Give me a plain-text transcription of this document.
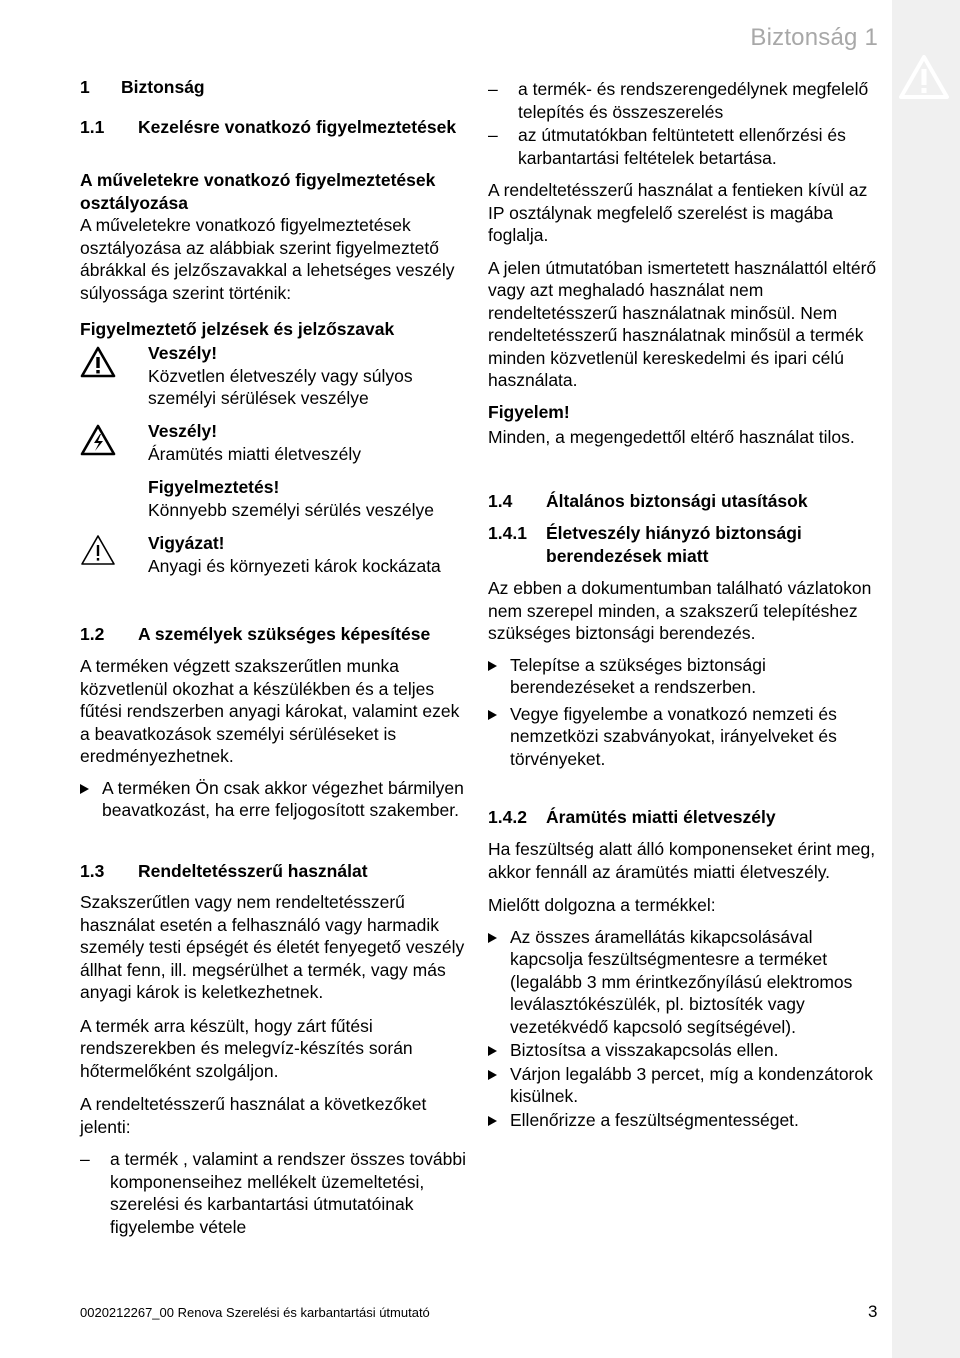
Biztonság 1

1	Biztonság

1.1	Kezelésre vonatkozó figyelmeztetések

A műveletekre vonatkozó figyelmeztetések osztályozása

A műveletekre vonatkozó figyelmeztetések osztályozása az alábbiak szerint figyelmeztető ábrákkal és jelzőszavakkal a lehetséges veszély súlyossága szerint történik:

Figyelmeztető jelzések és jelzőszavak

Veszély!

Közvetlen életveszély vagy súlyos személyi sérülések veszélye

Veszély!

Áramütés miatti életveszély

Figyelmeztetés!

Könnyebb személyi sérülés veszélye

Vigyázat!

Anyagi és környezeti károk kockázata

1.2	A személyek szükséges képesítése

A terméken végzett szakszerűtlen munka közvetlenül okozhat a készülékben és a teljes fűtési rendszerben anyagi károkat, valamint ezek a beavatkozások személyi sérüléseket is eredményezhetnek.

A terméken Ön csak akkor végezhet bármilyen beavatkozást, ha erre feljogosított szakember.

1.3	Rendeltetésszerű használat

Szakszerűtlen vagy nem rendeltetésszerű használat esetén a felhasználó vagy harmadik személy testi épségét és életét fenyegető veszély állhat fenn, ill. megsérülhet a termék, vagy más anyagi károk is keletkezhetnek.

A termék arra készült, hogy zárt fűtési rendszerekben és melegvíz-készítés során hőtermelőként szolgáljon.

A rendeltetésszerű használat a következőket jelenti:

– a termék , valamint a rendszer összes további komponenseihez mellékelt üzemeltetési, szerelési és karbantartási útmutatóinak figyelembe vétele
– a termék- és rendszerengedélynek megfelelő telepítés és összeszerelés
– az útmutatókban feltüntetett ellenőrzési és karbantartási feltételek betartása.

A rendeltetésszerű használat a fentieken kívül az IP osztálynak megfelelő szerelést is magába foglalja.

A jelen útmutatóban ismertetett használattól eltérő vagy azt meghaladó használat nem rendeltetésszerű használatnak minősül. Nem rendeltetésszerű használatnak minősül a termék minden közvetlenül kereskedelmi és ipari célú használata.

Figyelem!

Minden, a megengedettől eltérő használat tilos.

1.4	Általános biztonsági utasítások

1.4.1	Életveszély hiányzó biztonsági berendezések miatt

Az ebben a dokumentumban található vázlatokon nem szerepel minden, a szakszerű telepítéshez szükséges biztonsági berendezés.

Telepítse a szükséges biztonsági berendezéseket a rendszerben.
Vegye figyelembe a vonatkozó nemzeti és nemzetközi szabványokat, irányelveket és törvényeket.

1.4.2	Áramütés miatti életveszély

Ha feszültség alatt álló komponenseket érint meg, akkor fennáll az áramütés miatti életveszély.

Mielőtt dolgozna a termékkel:

Az összes áramellátás kikapcsolásával kapcsolja feszültségmentesre a terméket (legalább 3 mm érintkezőnyílású elektromos leválasztókészülék, pl. biztosíték vagy vezetékvédő kapcsoló segítségével).
Biztosítsa a visszakapcsolás ellen.
Várjon legalább 3 percet, míg a kondenzátorok kisülnek.
Ellenőrizze a feszültségmentességet.
0020212267_00 Renova Szerelési és karbantartási útmutató	3
